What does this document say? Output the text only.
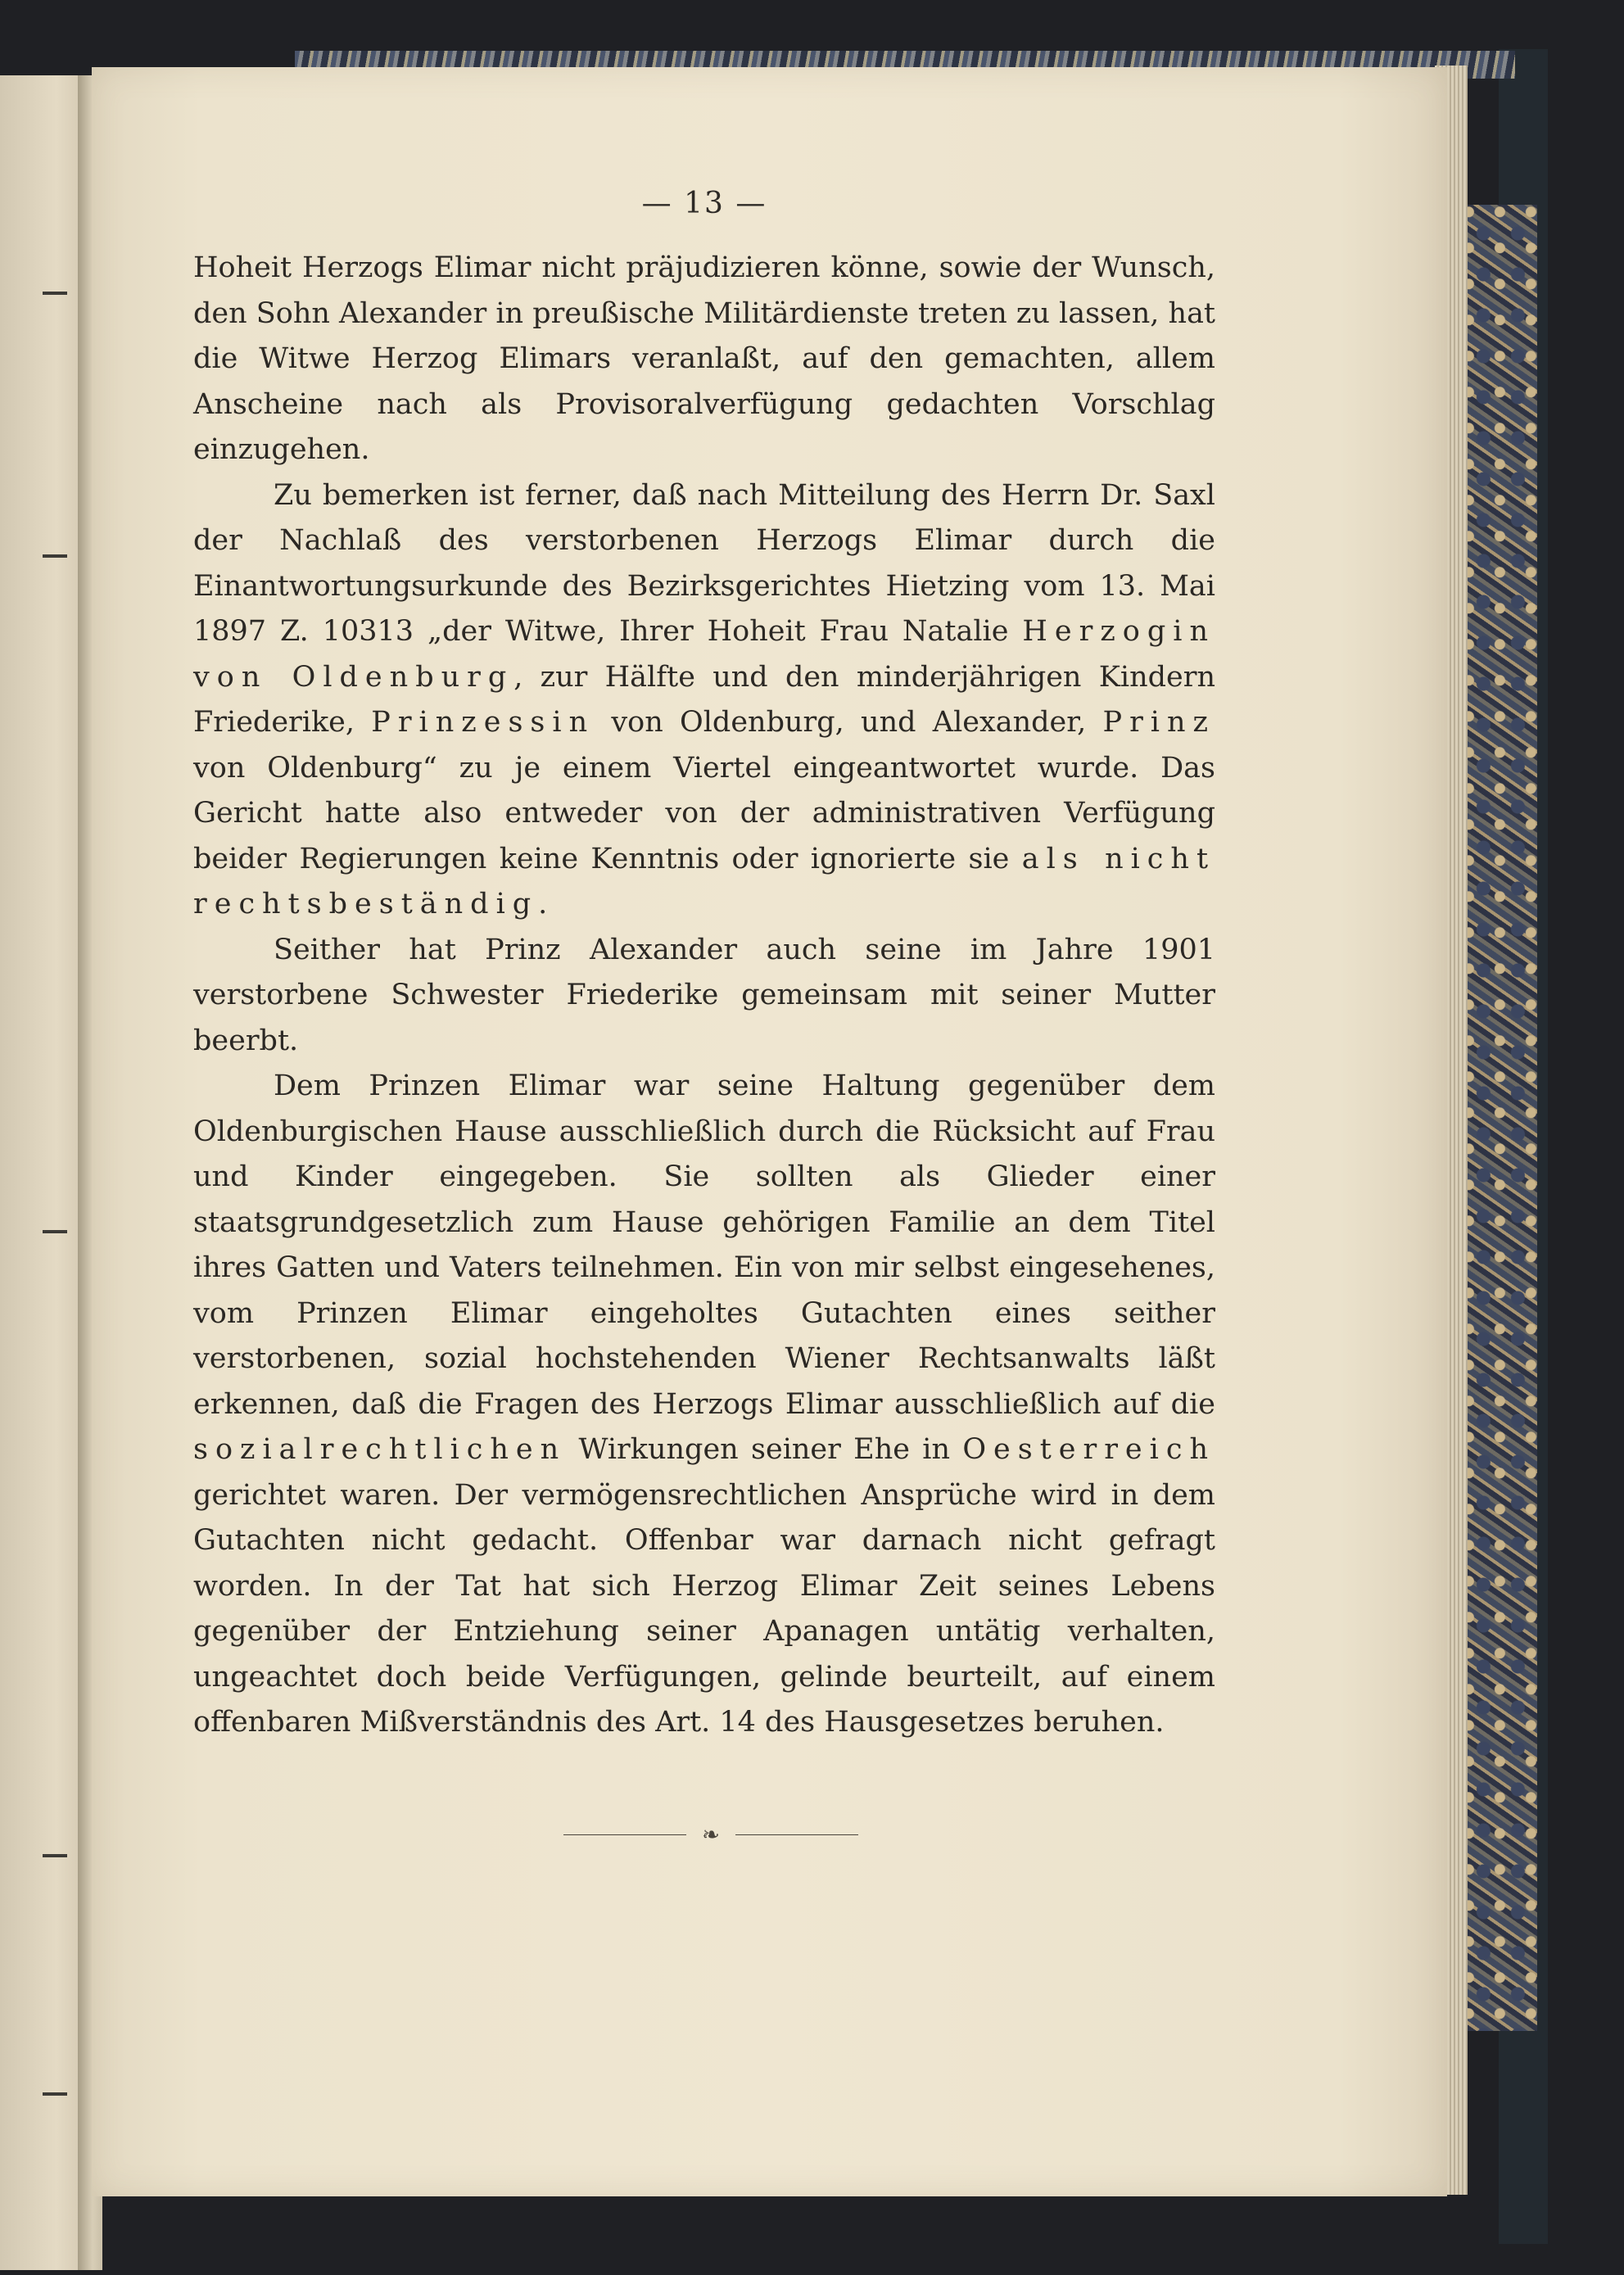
— 13 —

Hoheit Herzogs Elimar nicht präjudizieren könne, sowie der Wunsch, den Sohn Alexander in preußische Militärdienste treten zu lassen, hat die Witwe Herzog Elimars veranlaßt, auf den gemachten, allem Anscheine nach als Provisoralverfügung gedachten Vorschlag einzugehen.

Zu bemerken ist ferner, daß nach Mitteilung des Herrn Dr. Saxl der Nachlaß des verstorbenen Herzogs Elimar durch die Einantwortungsurkunde des Bezirksgerichtes Hietzing vom 13. Mai 1897 Z. 10313 „der Witwe, Ihrer Hoheit Frau Natalie Herzogin von Oldenburg, zur Hälfte und den minderjährigen Kindern Friederike, Prinzessin von Oldenburg, und Alexander, Prinz von Oldenburg“ zu je einem Viertel eingeantwortet wurde. Das Gericht hatte also entweder von der administrativen Verfügung beider Regierungen keine Kenntnis oder ignorierte sie als nicht rechtsbeständig.

Seither hat Prinz Alexander auch seine im Jahre 1901 verstorbene Schwester Friederike gemeinsam mit seiner Mutter beerbt.

Dem Prinzen Elimar war seine Haltung gegenüber dem Oldenburgischen Hause ausschließlich durch die Rücksicht auf Frau und Kinder eingegeben. Sie sollten als Glieder einer staatsgrundgesetzlich zum Hause gehörigen Familie an dem Titel ihres Gatten und Vaters teilnehmen. Ein von mir selbst eingesehenes, vom Prinzen Elimar eingeholtes Gutachten eines seither verstorbenen, sozial hochstehenden Wiener Rechtsanwalts läßt erkennen, daß die Fragen des Herzogs Elimar ausschließlich auf die sozialrechtlichen Wirkungen seiner Ehe in Oesterreich gerichtet waren. Der vermögensrechtlichen Ansprüche wird in dem Gutachten nicht gedacht. Offenbar war darnach nicht gefragt worden. In der Tat hat sich Herzog Elimar Zeit seines Lebens gegenüber der Entziehung seiner Apanagen untätig verhalten, ungeachtet doch beide Verfügungen, gelinde beurteilt, auf einem offenbaren Mißverständnis des Art. 14 des Hausgesetzes beruhen.

❧
